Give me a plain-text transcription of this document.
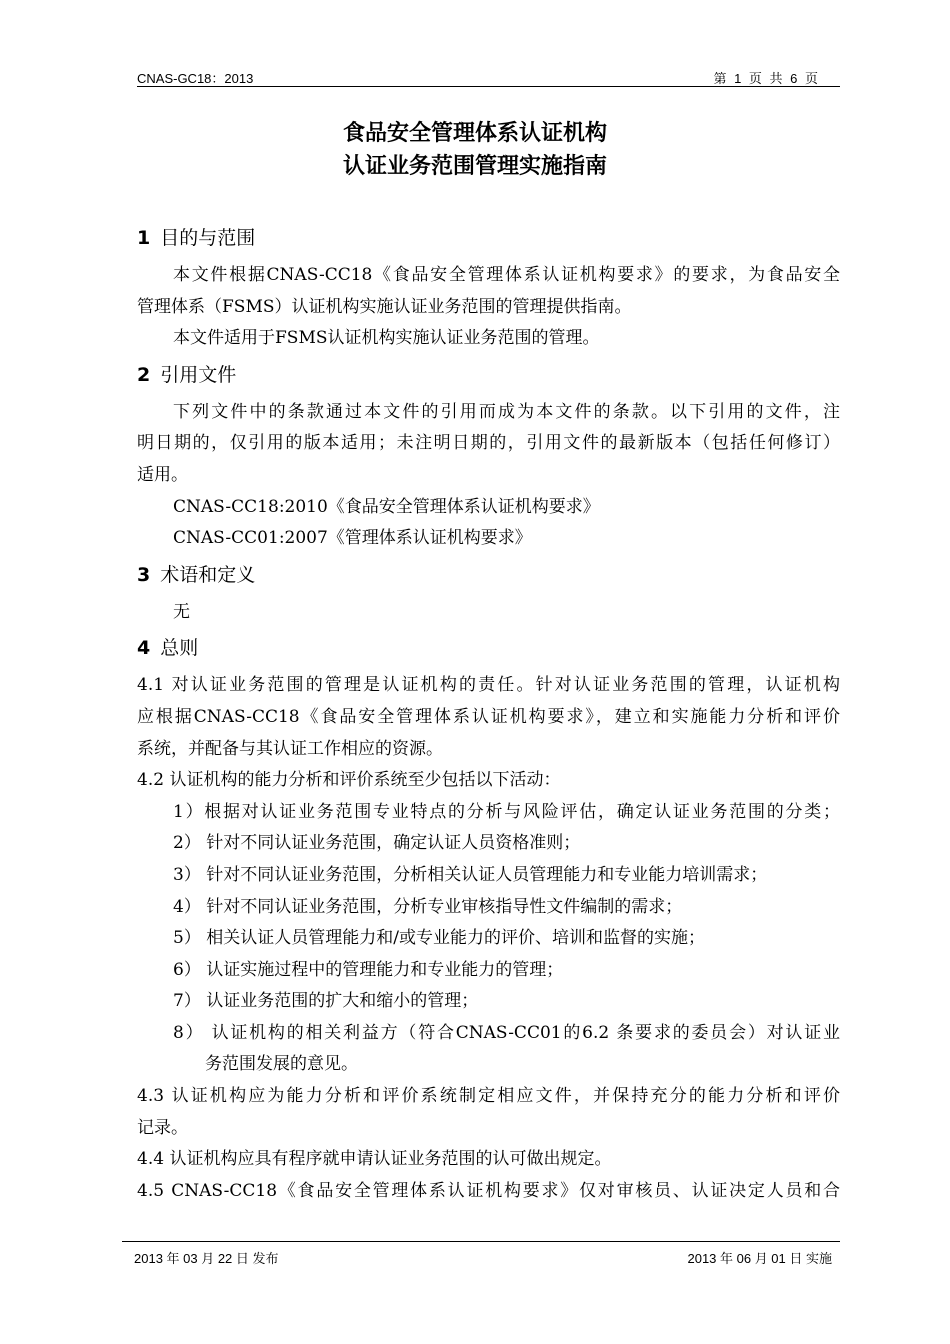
CNAS-GC18：2013	第 1 页 共 6 页
食品安全管理体系认证机构
认证业务范围管理实施指南
1 目的与范围
本文件根据CNAS-CC18《食品安全管理体系认证机构要求》的要求，为食品安全
管理体系（FSMS）认证机构实施认证业务范围的管理提供指南。
本文件适用于FSMS认证机构实施认证业务范围的管理。
2 引用文件
下列文件中的条款通过本文件的引用而成为本文件的条款。以下引用的文件，注
明日期的，仅引用的版本适用；未注明日期的，引用文件的最新版本（包括任何修订）
适用。
CNAS-CC18:2010《食品安全管理体系认证机构要求》
CNAS-CC01:2007《管理体系认证机构要求》
3 术语和定义
无
4 总则
4.1 对认证业务范围的管理是认证机构的责任。针对认证业务范围的管理，认证机构
应根据CNAS-CC18《食品安全管理体系认证机构要求》，建立和实施能力分析和评价
系统，并配备与其认证工作相应的资源。
4.2 认证机构的能力分析和评价系统至少包括以下活动：
1）根据对认证业务范围专业特点的分析与风险评估，确定认证业务范围的分类；
2） 针对不同认证业务范围，确定认证人员资格准则；
3） 针对不同认证业务范围，分析相关认证人员管理能力和专业能力培训需求；
4） 针对不同认证业务范围，分析专业审核指导性文件编制的需求；
5） 相关认证人员管理能力和/或专业能力的评价、培训和监督的实施；
6） 认证实施过程中的管理能力和专业能力的管理；
7） 认证业务范围的扩大和缩小的管理；
8） 认证机构的相关利益方（符合CNAS-CC01的6.2 条要求的委员会）对认证业
务范围发展的意见。
4.3 认证机构应为能力分析和评价系统制定相应文件，并保持充分的能力分析和评价
记录。
4.4 认证机构应具有程序就申请认证业务范围的认可做出规定。
4.5 CNAS-CC18《食品安全管理体系认证机构要求》仅对审核员、认证决定人员和合
2013 年 03 月 22 日 发布	2013 年 06 月 01 日 实施
